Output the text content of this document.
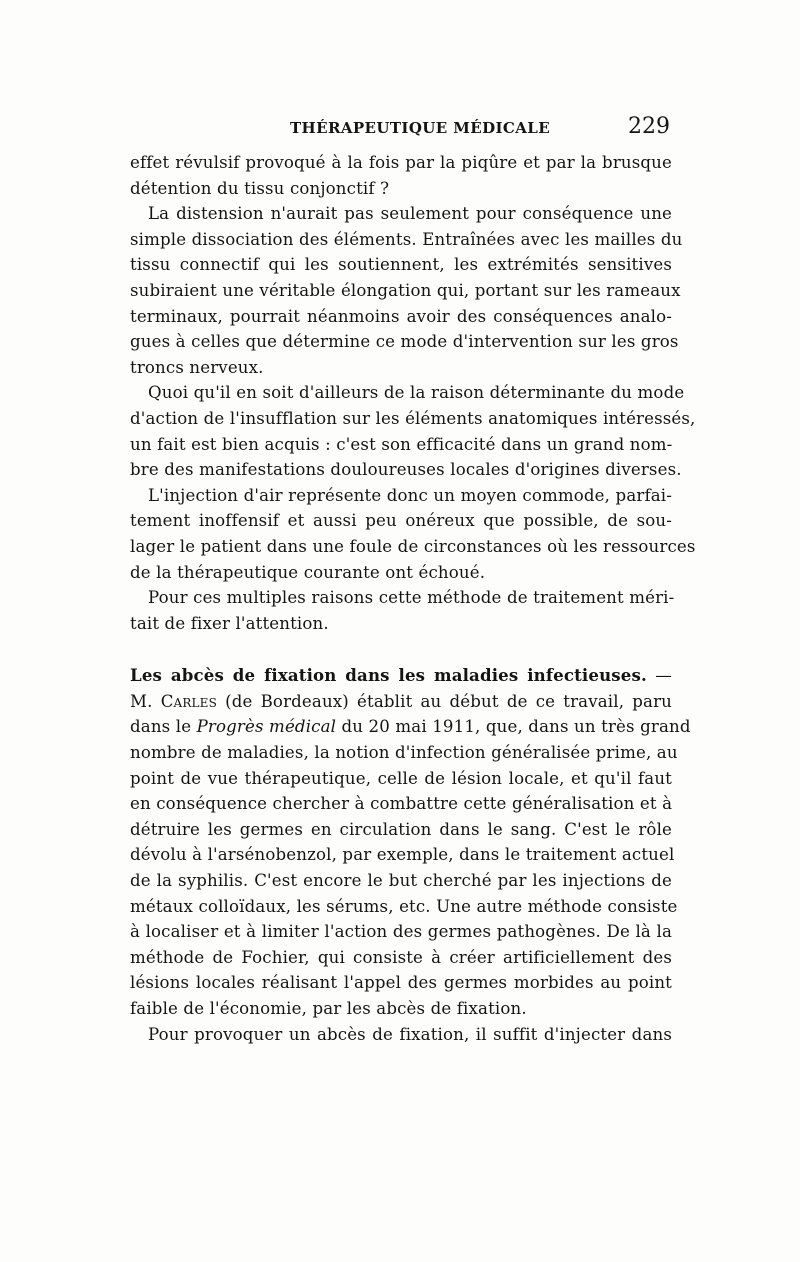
THÉRAPEUTIQUE MÉDICALE	229
effet révulsif provoqué à la fois par la piqûre et par la brusque
détention du tissu conjonctif ?
La distension n'aurait pas seulement pour conséquence une
simple dissociation des éléments. Entraînées avec les mailles du
tissu connectif qui les soutiennent, les extrémités sensitives
subiraient une véritable élongation qui, portant sur les rameaux
terminaux, pourrait néanmoins avoir des conséquences analo-
gues à celles que détermine ce mode d'intervention sur les gros
troncs nerveux.
Quoi qu'il en soit d'ailleurs de la raison déterminante du mode
d'action de l'insufflation sur les éléments anatomiques intéressés,
un fait est bien acquis : c'est son efficacité dans un grand nom-
bre des manifestations douloureuses locales d'origines diverses.
L'injection d'air représente donc un moyen commode, parfai-
tement inoffensif et aussi peu onéreux que possible, de sou-
lager le patient dans une foule de circonstances où les ressources
de la thérapeutique courante ont échoué.
Pour ces multiples raisons cette méthode de traitement méri-
tait de fixer l'attention.
Les abcès de fixation dans les maladies infectieuses. —
M. Carles (de Bordeaux) établit au début de ce travail, paru
dans le Progrès médical du 20 mai 1911, que, dans un très grand
nombre de maladies, la notion d'infection généralisée prime, au
point de vue thérapeutique, celle de lésion locale, et qu'il faut
en conséquence chercher à combattre cette généralisation et à
détruire les germes en circulation dans le sang. C'est le rôle
dévolu à l'arsénobenzol, par exemple, dans le traitement actuel
de la syphilis. C'est encore le but cherché par les injections de
métaux colloïdaux, les sérums, etc. Une autre méthode consiste
à localiser et à limiter l'action des germes pathogènes. De là la
méthode de Fochier, qui consiste à créer artificiellement des
lésions locales réalisant l'appel des germes morbides au point
faible de l'économie, par les abcès de fixation.
Pour provoquer un abcès de fixation, il suffit d'injecter dans
